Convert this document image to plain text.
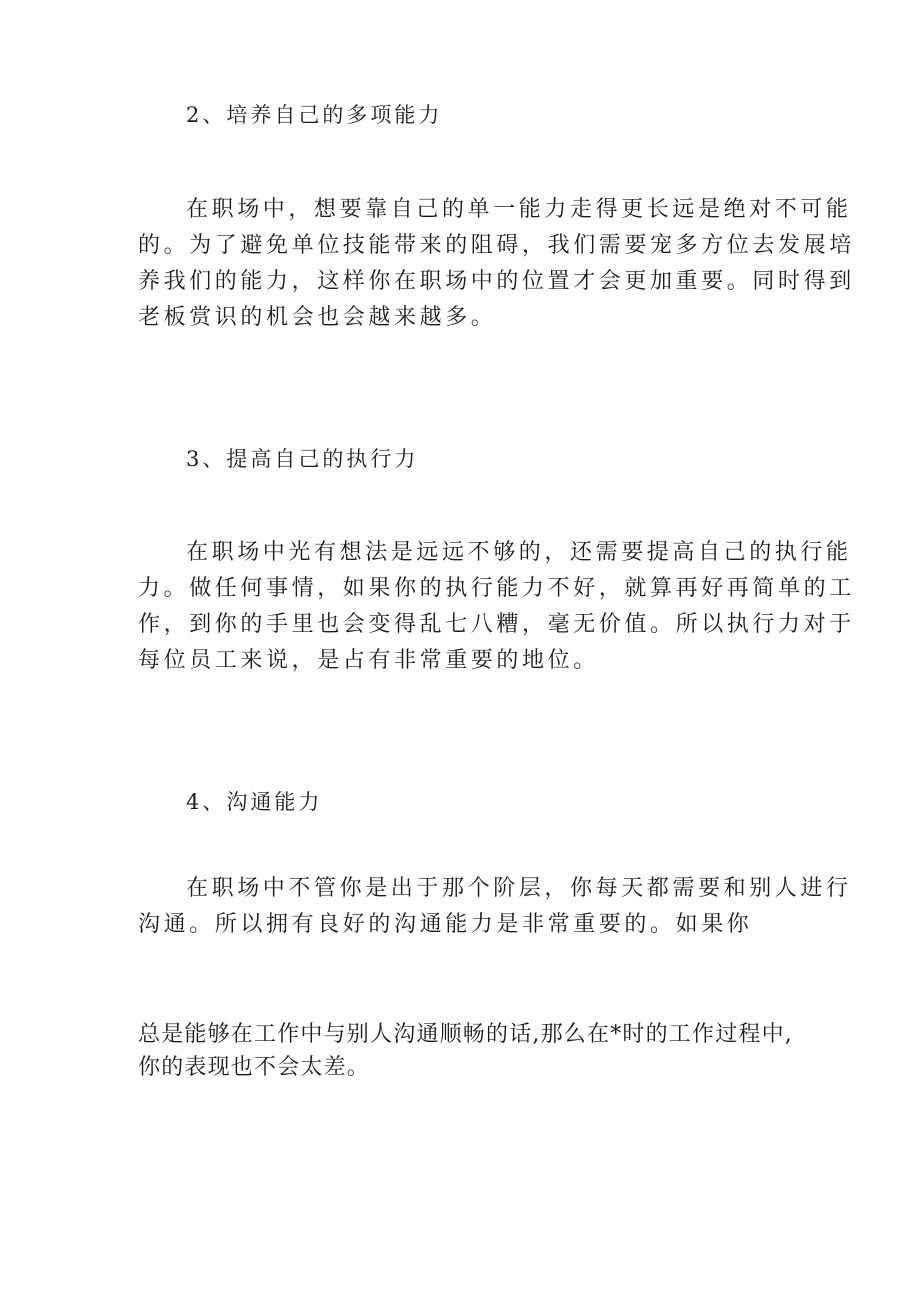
2、培养自己的多项能力
在职场中，想要靠自己的单一能力走得更长远是绝对不可能
的。为了避免单位技能带来的阻碍，我们需要宠多方位去发展培
养我们的能力，这样你在职场中的位置才会更加重要。同时得到
老板赏识的机会也会越来越多。
3、提高自己的执行力
在职场中光有想法是远远不够的，还需要提高自己的执行能
力。做任何事情，如果你的执行能力不好，就算再好再简单的工
作，到你的手里也会变得乱七八糟，毫无价值。所以执行力对于
每位员工来说，是占有非常重要的地位。
4、沟通能力
在职场中不管你是出于那个阶层，你每天都需要和别人进行
沟通。所以拥有良好的沟通能力是非常重要的。如果你
总是能够在工作中与别人沟通顺畅的话,那么在*时的工作过程中,
你的表现也不会太差。
